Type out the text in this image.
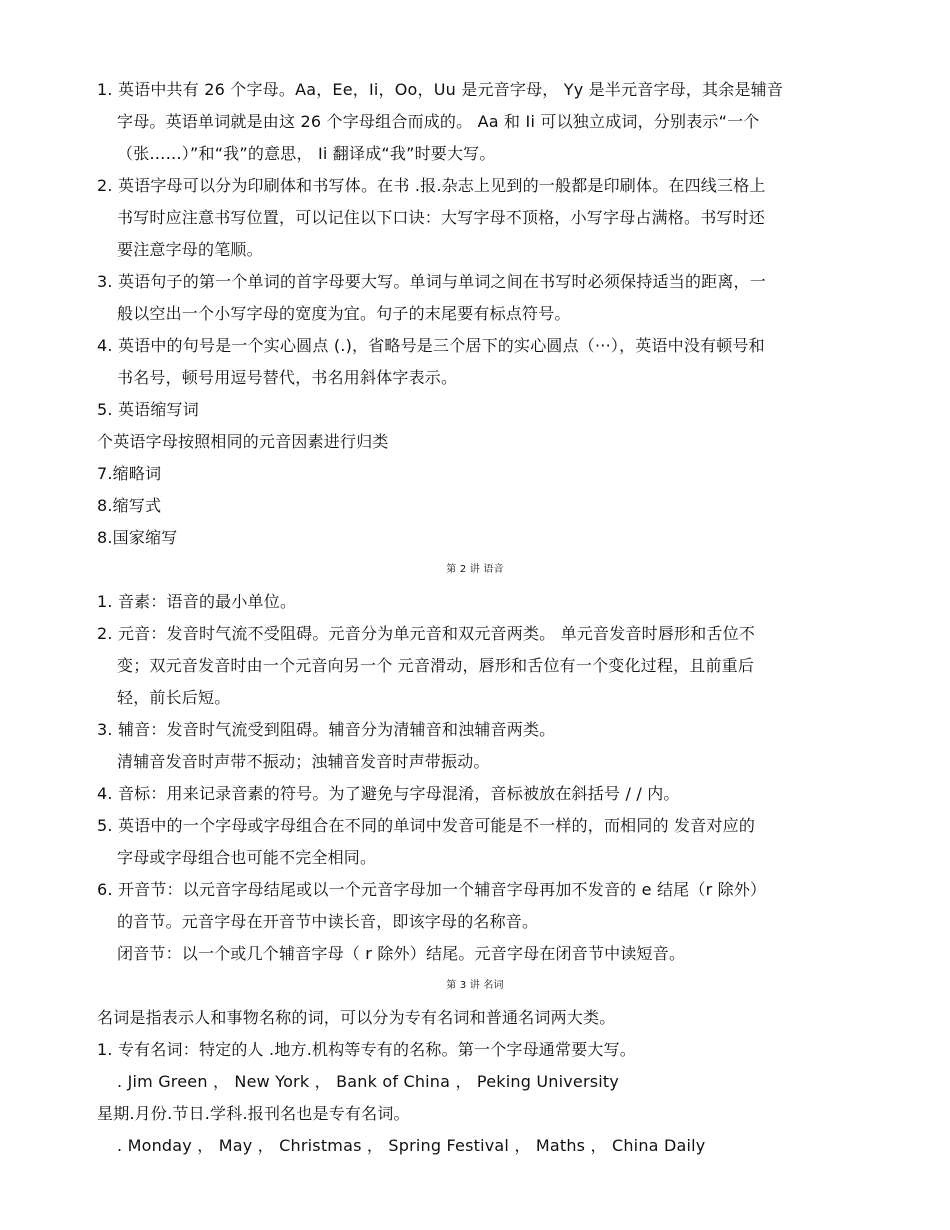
1. 英语中共有 26 个字母。Aa，Ee，Ii，Oo，Uu 是元音字母， Yy 是半元音字母，其余是辅音
字母。英语单词就是由这 26 个字母组合而成的。 Aa 和 Ii 可以独立成词，分别表示“一个
（张……）”和“我”的意思， Ii 翻译成“我”时要大写。
2. 英语字母可以分为印刷体和书写体。在书 .报.杂志上见到的一般都是印刷体。在四线三格上
书写时应注意书写位置，可以记住以下口诀：大写字母不顶格，小写字母占满格。书写时还
要注意字母的笔顺。
3. 英语句子的第一个单词的首字母要大写。单词与单词之间在书写时必须保持适当的距离，一
般以空出一个小写字母的宽度为宜。句子的末尾要有标点符号。
4. 英语中的句号是一个实心圆点 (.)，省略号是三个居下的实心圆点（···），英语中没有顿号和
书名号，顿号用逗号替代，书名用斜体字表示。
5. 英语缩写词
个英语字母按照相同的元音因素进行归类
7.缩略词
8.缩写式
8.国家缩写
第 2 讲 语音
1. 音素：语音的最小单位。
2. 元音：发音时气流不受阻碍。元音分为单元音和双元音两类。 单元音发音时唇形和舌位不
变；双元音发音时由一个元音向另一个 元音滑动，唇形和舌位有一个变化过程，且前重后
轻，前长后短。
3. 辅音：发音时气流受到阻碍。辅音分为清辅音和浊辅音两类。
清辅音发音时声带不振动；浊辅音发音时声带振动。
4. 音标：用来记录音素的符号。为了避免与字母混淆，音标被放在斜括号 / / 内。
5. 英语中的一个字母或字母组合在不同的单词中发音可能是不一样的，而相同的 发音对应的
字母或字母组合也可能不完全相同。
6. 开音节：以元音字母结尾或以一个元音字母加一个辅音字母再加不发音的 e 结尾（r 除外）
的音节。元音字母在开音节中读长音，即该字母的名称音。
闭音节：以一个或几个辅音字母（ r 除外）结尾。元音字母在闭音节中读短音。
第 3 讲 名词
名词是指表示人和事物名称的词，可以分为专有名词和普通名词两大类。
1. 专有名词：特定的人 .地方.机构等专有的名称。第一个字母通常要大写。
. Jim Green ， New York ， Bank of China ， Peking University
星期.月份.节日.学科.报刊名也是专有名词。
. Monday ， May ， Christmas ， Spring Festival ， Maths ， China Daily
